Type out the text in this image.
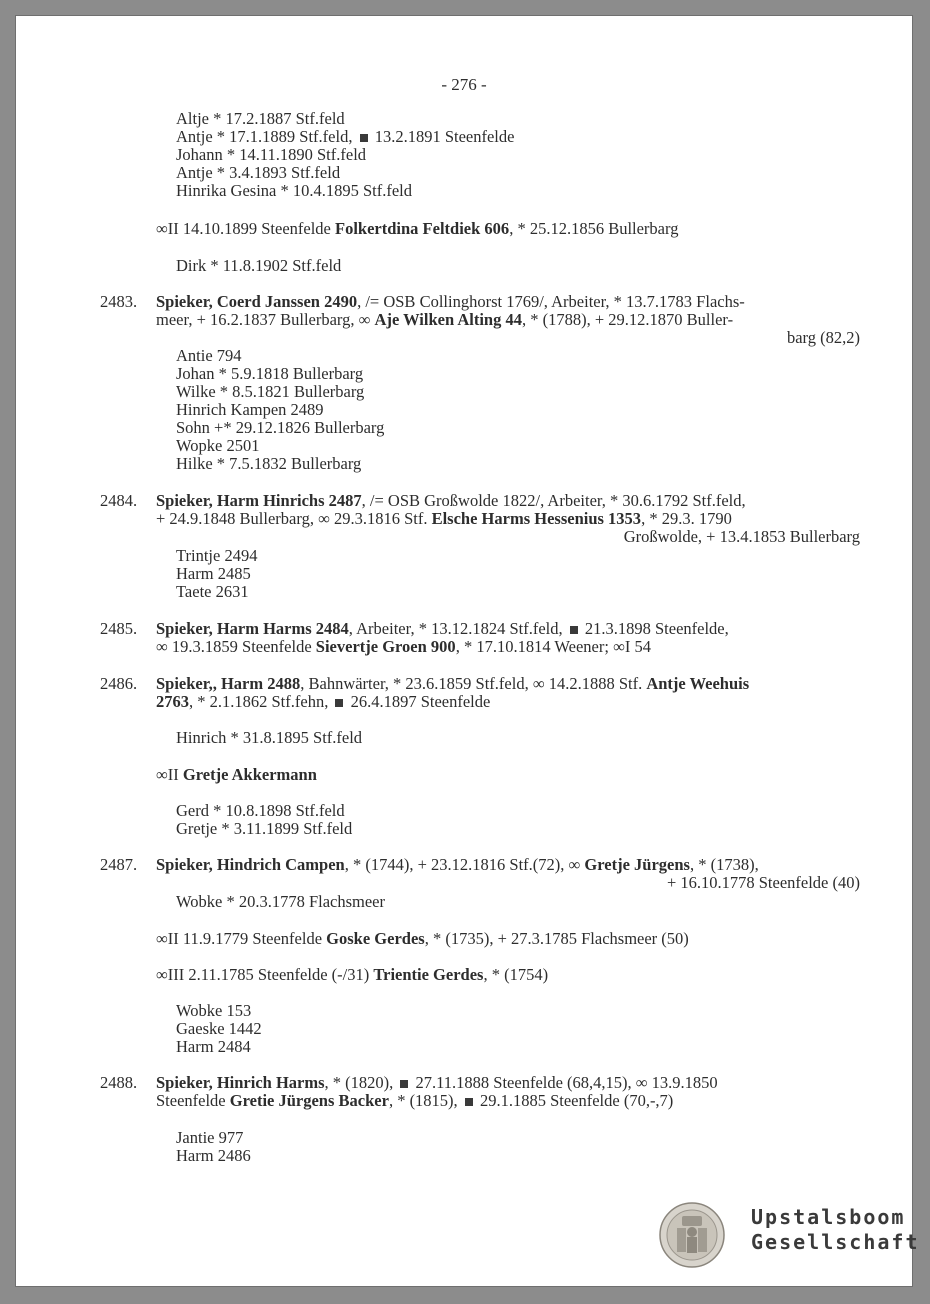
- 276 -
Altje * 17.2.1887 Stf.feld
Antje * 17.1.1889 Stf.feld,  13.2.1891 Steenfelde
Johann * 14.11.1890 Stf.feld
Antje * 3.4.1893 Stf.feld
Hinrika Gesina * 10.4.1895 Stf.feld
∞II 14.10.1899 Steenfelde Folkertdina Feltdiek 606, * 25.12.1856 Bullerbarg
Dirk * 11.8.1902 Stf.feld
2483. Spieker, Coerd Janssen 2490, /= OSB Collinghorst 1769/, Arbeiter, * 13.7.1783 Flachs-
meer, + 16.2.1837 Bullerbarg, ∞ Aje Wilken Alting 44, * (1788), + 29.12.1870 Buller-
barg (82,2)
Antie 794
Johan * 5.9.1818 Bullerbarg
Wilke * 8.5.1821 Bullerbarg
Hinrich Kampen 2489
Sohn +* 29.12.1826 Bullerbarg
Wopke 2501
Hilke * 7.5.1832 Bullerbarg
2484. Spieker, Harm Hinrichs 2487, /= OSB Großwolde 1822/, Arbeiter, * 30.6.1792 Stf.feld,
+ 24.9.1848 Bullerbarg, ∞ 29.3.1816 Stf. Elsche Harms Hessenius 1353, * 29.3. 1790
Großwolde, + 13.4.1853 Bullerbarg
Trintje 2494
Harm 2485
Taete 2631
2485. Spieker, Harm Harms 2484, Arbeiter, * 13.12.1824 Stf.feld,  21.3.1898 Steenfelde,
∞ 19.3.1859 Steenfelde Sievertje Groen 900, * 17.10.1814 Weener; ∞I 54
2486. Spieker,, Harm 2488, Bahnwärter, * 23.6.1859 Stf.feld, ∞ 14.2.1888 Stf. Antje Weehuis
2763, * 2.1.1862 Stf.fehn,  26.4.1897 Steenfelde
Hinrich * 31.8.1895 Stf.feld
∞II Gretje Akkermann
Gerd * 10.8.1898 Stf.feld
Gretje * 3.11.1899 Stf.feld
2487. Spieker, Hindrich Campen, * (1744), + 23.12.1816 Stf.(72), ∞ Gretje Jürgens, * (1738),
+ 16.10.1778 Steenfelde (40)
Wobke * 20.3.1778 Flachsmeer
∞II 11.9.1779 Steenfelde Goske Gerdes, * (1735), + 27.3.1785 Flachsmeer (50)
∞III 2.11.1785 Steenfelde (-/31) Trientie Gerdes, * (1754)
Wobke 153
Gaeske 1442
Harm 2484
2488. Spieker, Hinrich Harms, * (1820),  27.11.1888 Steenfelde (68,4,15), ∞ 13.9.1850
Steenfelde Gretie Jürgens Backer, * (1815),  29.1.1885 Steenfelde (70,-,7)
Jantie 977
Harm 2486
Upstalsboom
Gesellschaft
